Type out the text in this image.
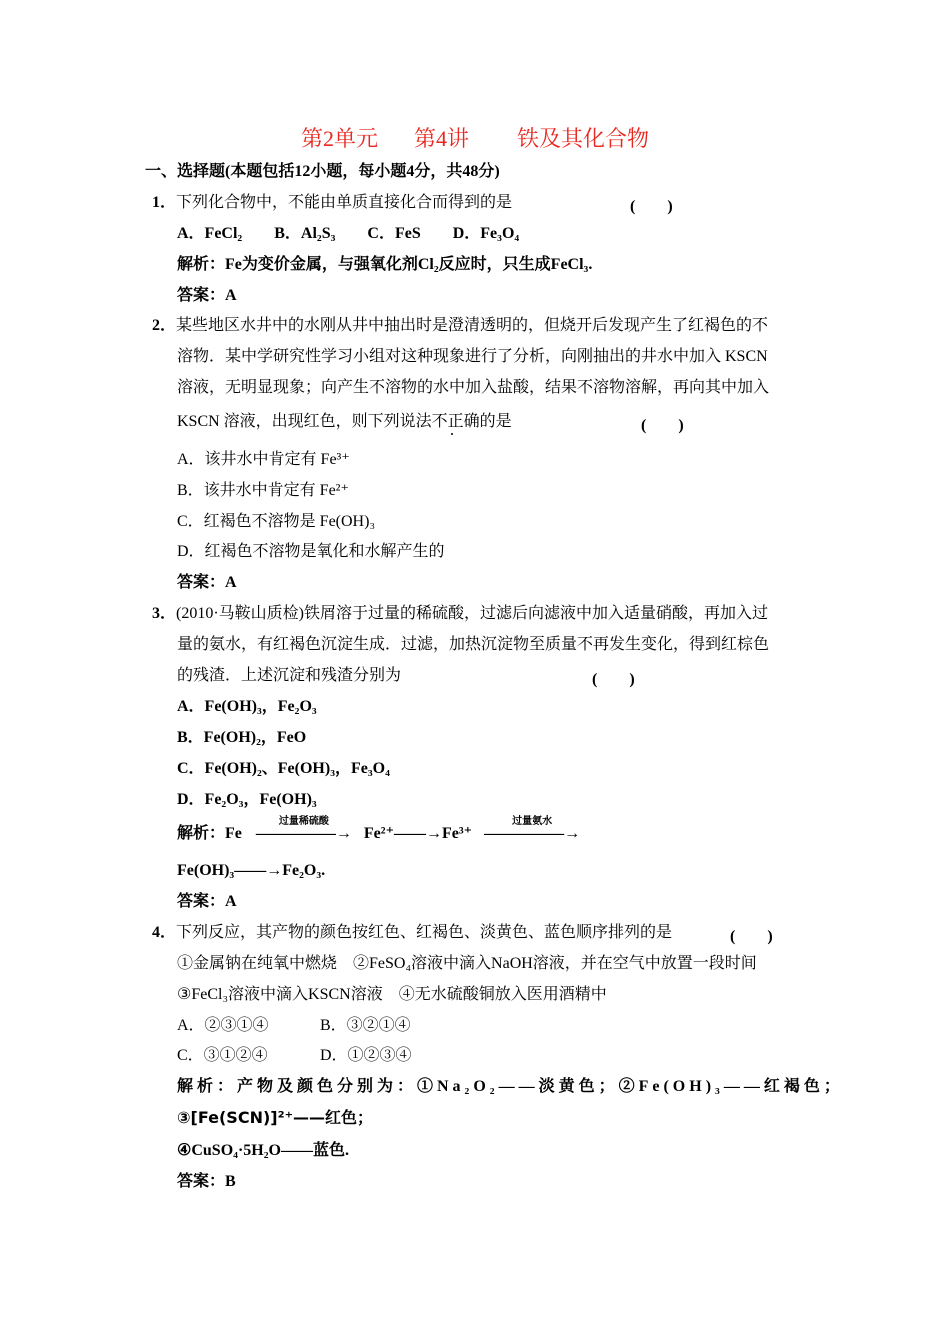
第2单元 第4讲 铁及其化合物
一、选择题(本题包括12小题，每小题4分，共48分)
1．下列化合物中，不能由单质直接化合而得到的是	(　　)
A．FeCl₂　　B．Al₂S₃　　C．FeS　　D．Fe₃O₄
解析：Fe为变价金属，与强氧化剂Cl₂反应时，只生成FeCl₃.
答案：A
2．某些地区水井中的水刚从井中抽出时是澄清透明的，但烧开后发现产生了红褐色的不
溶物．某中学研究性学习小组对这种现象进行了分析，向刚抽出的井水中加入 KSCN
溶液，无明显现象；向产生不溶物的水中加入盐酸，结果不溶物溶解，再向其中加入
KSCN 溶液，出现红色，则下列说法不正确的是	(　　)
A．该井水中肯定有 Fe³⁺
B．该井水中肯定有 Fe²⁺
C．红褐色不溶物是 Fe(OH)₃
D．红褐色不溶物是氧化和水解产生的
答案：A
3．(2010·马鞍山质检)铁屑溶于过量的稀硫酸，过滤后向滤液中加入适量硝酸，再加入过
量的氨水，有红褐色沉淀生成．过滤，加热沉淀物至质量不再发生变化，得到红棕色
的残渣．上述沉淀和残渣分别为	(　　)
A．Fe(OH)₃，Fe₂O₃
B．Fe(OH)₂，FeO
C．Fe(OH)₂、Fe(OH)₃，Fe₃O₄
D．Fe₂O₃，Fe(OH)₃
解析：Fe
过量稀硫酸
—————→ Fe²⁺——→Fe³⁺
过量氨水
—————→
Fe(OH)₃——→Fe₂O₃.
答案：A
4．下列反应，其产物的颜色按红色、红褐色、淡黄色、蓝色顺序排列的是	(　　)
①金属钠在纯氧中燃烧　②FeSO₄溶液中滴入NaOH溶液，并在空气中放置一段时间
③FeCl₃溶液中滴入KSCN溶液　④无水硫酸铜放入医用酒精中
A．②③①④	B．③②①④
C．③①②④	D．①②③④
解析：产物及颜色分别为：①Na₂O₂——淡黄色；②Fe(OH)₃——红褐色；
③[Fe(SCN)]²⁺——红色；
④CuSO₄·5H₂O——蓝色.
答案：B
